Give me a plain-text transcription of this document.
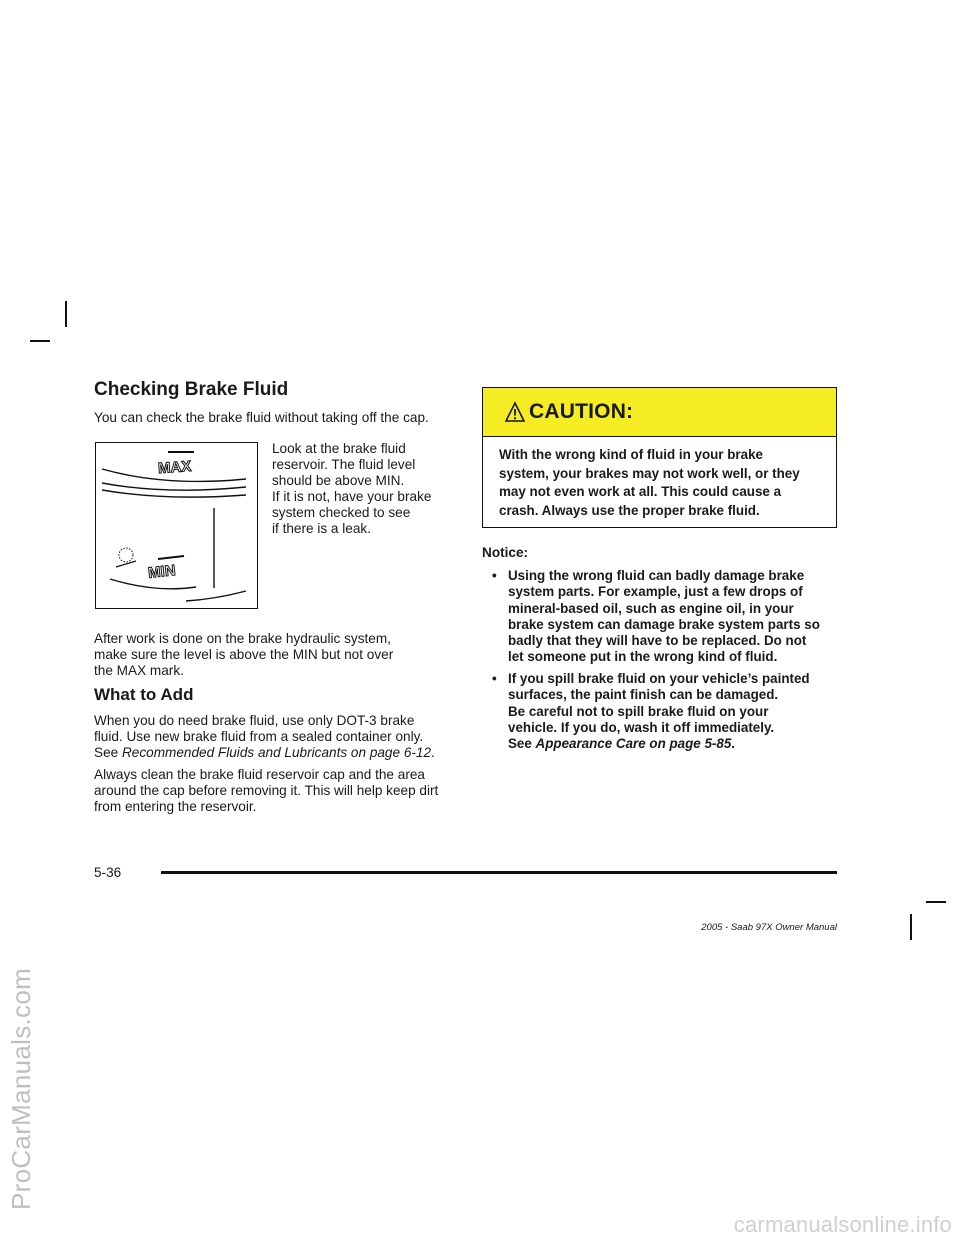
ProCarManuals.com
Checking Brake Fluid

You can check the brake fluid without taking off the cap.

MAX
MIN

Look at the brake fluid

reservoir. The fluid level

should be above MIN.

If it is not, have your brake

system checked to see

if there is a leak.

After work is done on the brake hydraulic system,

make sure the level is above the MIN but not over

the MAX mark.

What to Add

When you do need brake fluid, use only DOT-3 brake

fluid. Use new brake fluid from a sealed container only.

See Recommended Fluids and Lubricants on page 6-12.

Always clean the brake fluid reservoir cap and the area

around the cap before removing it. This will help keep dirt

from entering the reservoir.

CAUTION:
With the wrong kind of fluid in your brake
system, your brakes may not work well, or they
may not even work at all. This could cause a
crash. Always use the proper brake fluid.
Notice:
• Using the wrong fluid can badly damage brake
system parts. For example, just a few drops of
mineral-based oil, such as engine oil, in your
brake system can damage brake system parts so
badly that they will have to be replaced. Do not
let someone put in the wrong kind of fluid.
• If you spill brake fluid on your vehicle’s painted
surfaces, the paint finish can be damaged.
Be careful not to spill brake fluid on your
vehicle. If you do, wash it off immediately.
See Appearance Care on page 5-85.
5-36
2005 - Saab 97X Owner Manual
carmanualsonline.info
